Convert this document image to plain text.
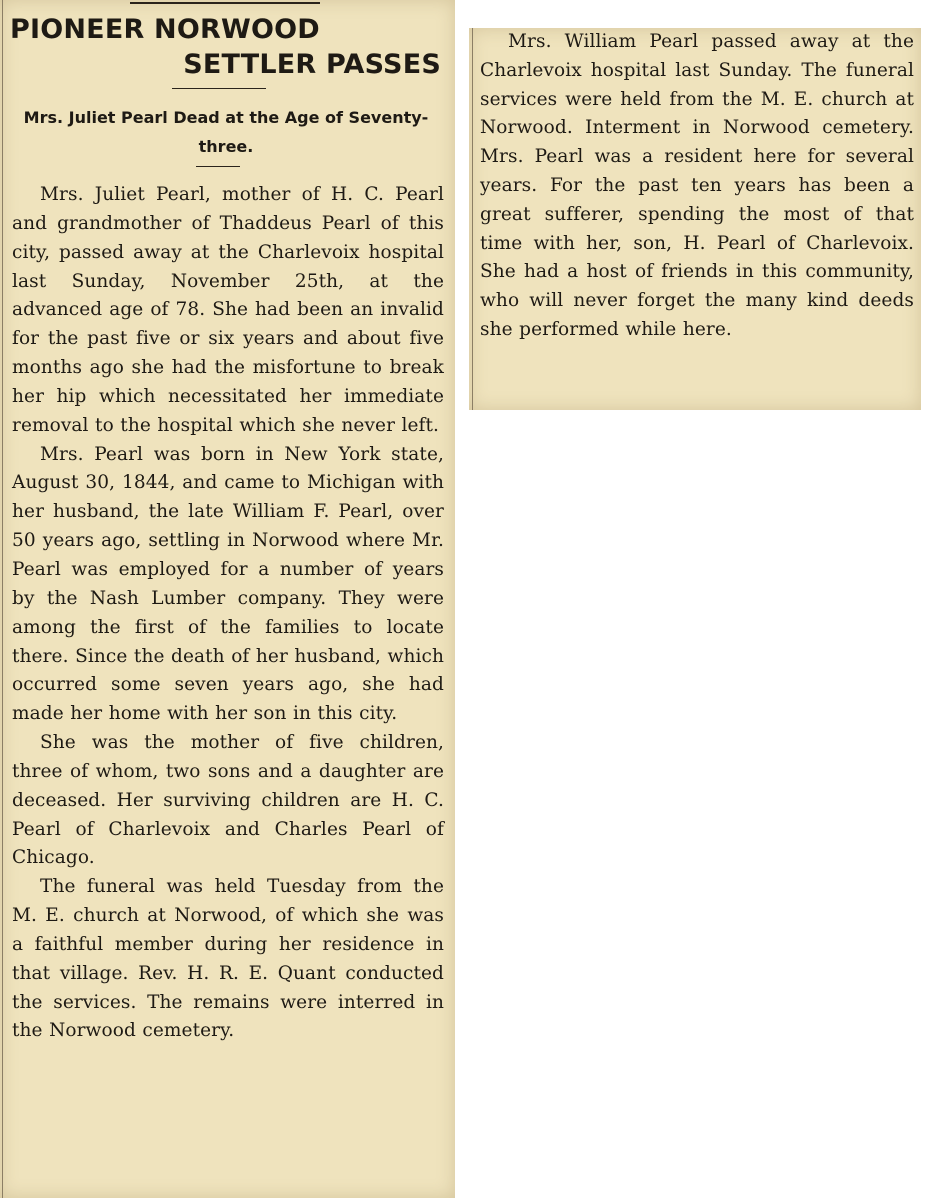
PIONEER NORWOOD
SETTLER PASSES
Mrs. Juliet Pearl Dead at the Age of Seventy-three.

Mrs. Juliet Pearl, mother of H. C. Pearl and grandmother of Thaddeus Pearl of this city, passed away at the Charlevoix hospital last Sunday, November 25th, at the advanced age of 78. She had been an invalid for the past five or six years and about five months ago she had the misfortune to break her hip which necessitated her immediate removal to the hospital which she never left.

Mrs. Pearl was born in New York state, August 30, 1844, and came to Michigan with her husband, the late William F. Pearl, over 50 years ago, settling in Norwood where Mr. Pearl was employed for a number of years by the Nash Lumber company. They were among the first of the families to locate there. Since the death of her husband, which occurred some seven years ago, she had made her home with her son in this city.

She was the mother of five children, three of whom, two sons and a daughter are deceased. Her surviving children are H. C. Pearl of Charlevoix and Charles Pearl of Chicago.

The funeral was held Tuesday from the M. E. church at Norwood, of which she was a faithful member during her residence in that village. Rev. H. R. E. Quant conducted the services. The remains were interred in the Norwood cemetery.

Mrs. William Pearl passed away at the Charlevoix hospital last Sunday. The funeral services were held from the M. E. church at Norwood. Interment in Norwood cemetery. Mrs. Pearl was a resident here for several years. For the past ten years has been a great sufferer, spending the most of that time with her, son, H. Pearl of Charlevoix. She had a host of friends in this community, who will never forget the many kind deeds she performed while here.
